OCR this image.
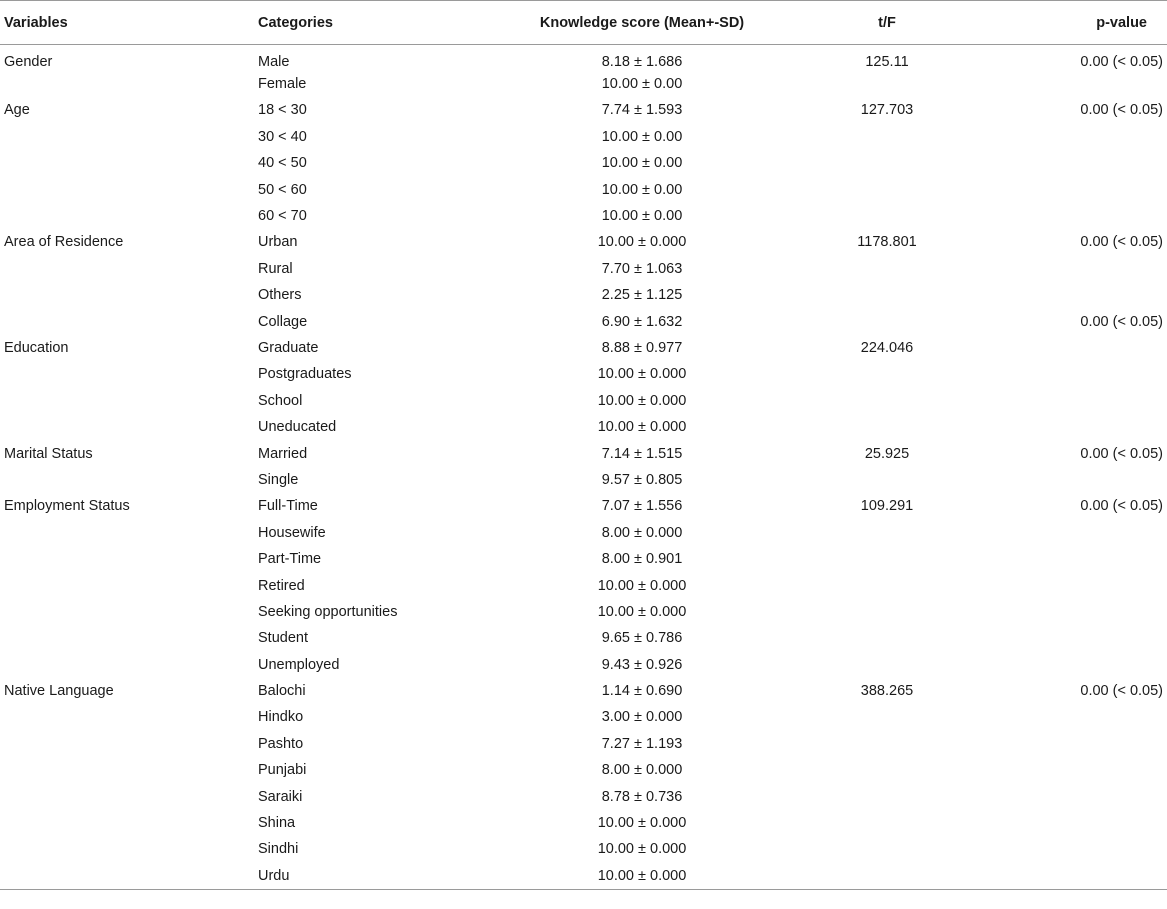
Variables	Categories	Knowledge score (Mean+-SD)	t/F	p-value
Gender	Male	8.18 ± 1.686	125.11	0.00 (< 0.05)
	Female	10.00 ± 0.00		
Age	18 < 30	7.74 ± 1.593	127.703	0.00 (< 0.05)
	30 < 40	10.00 ± 0.00		
	40 < 50	10.00 ± 0.00		
	50 < 60	10.00 ± 0.00		
	60 < 70	10.00 ± 0.00		
Area of Residence	Urban	10.00 ± 0.000	1178.801	0.00 (< 0.05)
	Rural	7.70 ± 1.063		
	Others	2.25 ± 1.125		
	Collage	6.90 ± 1.632		0.00 (< 0.05)
Education	Graduate	8.88 ± 0.977	224.046	
	Postgraduates	10.00 ± 0.000		
	School	10.00 ± 0.000		
	Uneducated	10.00 ± 0.000		
Marital Status	Married	7.14 ± 1.515	25.925	0.00 (< 0.05)
	Single	9.57 ± 0.805		
Employment Status	Full-Time	7.07 ± 1.556	109.291	0.00 (< 0.05)
	Housewife	8.00 ± 0.000		
	Part-Time	8.00 ± 0.901		
	Retired	10.00 ± 0.000		
	Seeking opportunities	10.00 ± 0.000		
	Student	9.65 ± 0.786		
	Unemployed	9.43 ± 0.926		
Native Language	Balochi	1.14 ± 0.690	388.265	0.00 (< 0.05)
	Hindko	3.00 ± 0.000		
	Pashto	7.27 ± 1.193		
	Punjabi	8.00 ± 0.000		
	Saraiki	8.78 ± 0.736		
	Shina	10.00 ± 0.000		
	Sindhi	10.00 ± 0.000		
	Urdu	10.00 ± 0.000		
